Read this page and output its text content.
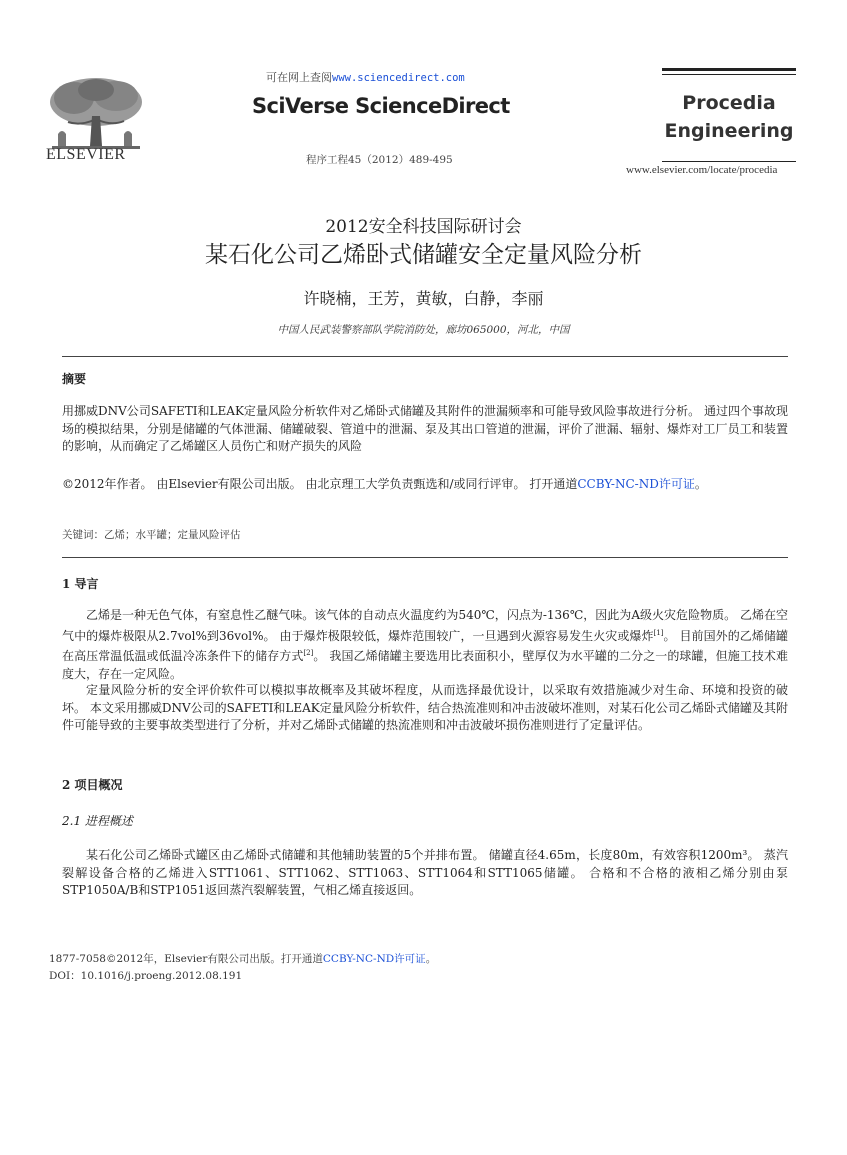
ELSEVIER
可在网上查阅www.sciencedirect.com
SciVerse ScienceDirect
程序工程45（2012）489-495
Procedia
Engineering
www.elsevier.com/locate/procedia
2012安全科技国际研讨会
某石化公司乙烯卧式储罐安全定量风险分析
许晓楠，王芳，黄敏，白静，李丽
中国人民武装警察部队学院消防处，廊坊065000，河北，中国
摘要
用挪威DNV公司SAFETI和LEAK定量风险分析软件对乙烯卧式储罐及其附件的泄漏频率和可能导致风险事故进行分析。 通过四个事故现场的模拟结果，分别是储罐的气体泄漏、储罐破裂、管道中的泄漏、泵及其出口管道的泄漏，评价了泄漏、辐射、爆炸对工厂员工和装置的影响，从而确定了乙烯罐区人员伤亡和财产损失的风险
©2012年作者。 由Elsevier有限公司出版。 由北京理工大学负责甄选和/或同行评审。 打开通道CCBY-NC-ND许可证。
关键词：乙烯；水平罐；定量风险评估
1 导言
乙烯是一种无色气体，有窒息性乙醚气味。该气体的自动点火温度约为540℃，闪点为-136℃，因此为A级火灾危险物质。 乙烯在空气中的爆炸极限从2.7vol%到36vol%。 由于爆炸极限较低，爆炸范围较广，一旦遇到火源容易发生火灾或爆炸[1]。 目前国外的乙烯储罐在高压常温低温或低温冷冻条件下的储存方式[2]。 我国乙烯储罐主要选用比表面积小，壁厚仅为水平罐的二分之一的球罐，但施工技术难度大，存在一定风险。
定量风险分析的安全评价软件可以模拟事故概率及其破坏程度，从而选择最优设计，以采取有效措施减少对生命、环境和投资的破坏。 本文采用挪威DNV公司的SAFETI和LEAK定量风险分析软件，结合热流准则和冲击波破坏准则，对某石化公司乙烯卧式储罐及其附件可能导致的主要事故类型进行了分析，并对乙烯卧式储罐的热流准则和冲击波破坏损伤准则进行了定量评估。
2 项目概况
2.1 进程概述
某石化公司乙烯卧式罐区由乙烯卧式储罐和其他辅助装置的5个并排布置。 储罐直径4.65m，长度80m，有效容积1200m³。 蒸汽裂解设备合格的乙烯进入STT1061、STT1062、STT1063、STT1064和STT1065储罐。 合格和不合格的液相乙烯分别由泵STP1050A/B和STP1051返回蒸汽裂解装置，气相乙烯直接返回。
1877-7058©2012年，Elsevier有限公司出版。打开通道CCBY-NC-ND许可证。
DOI：10.1016/j.proeng.2012.08.191
